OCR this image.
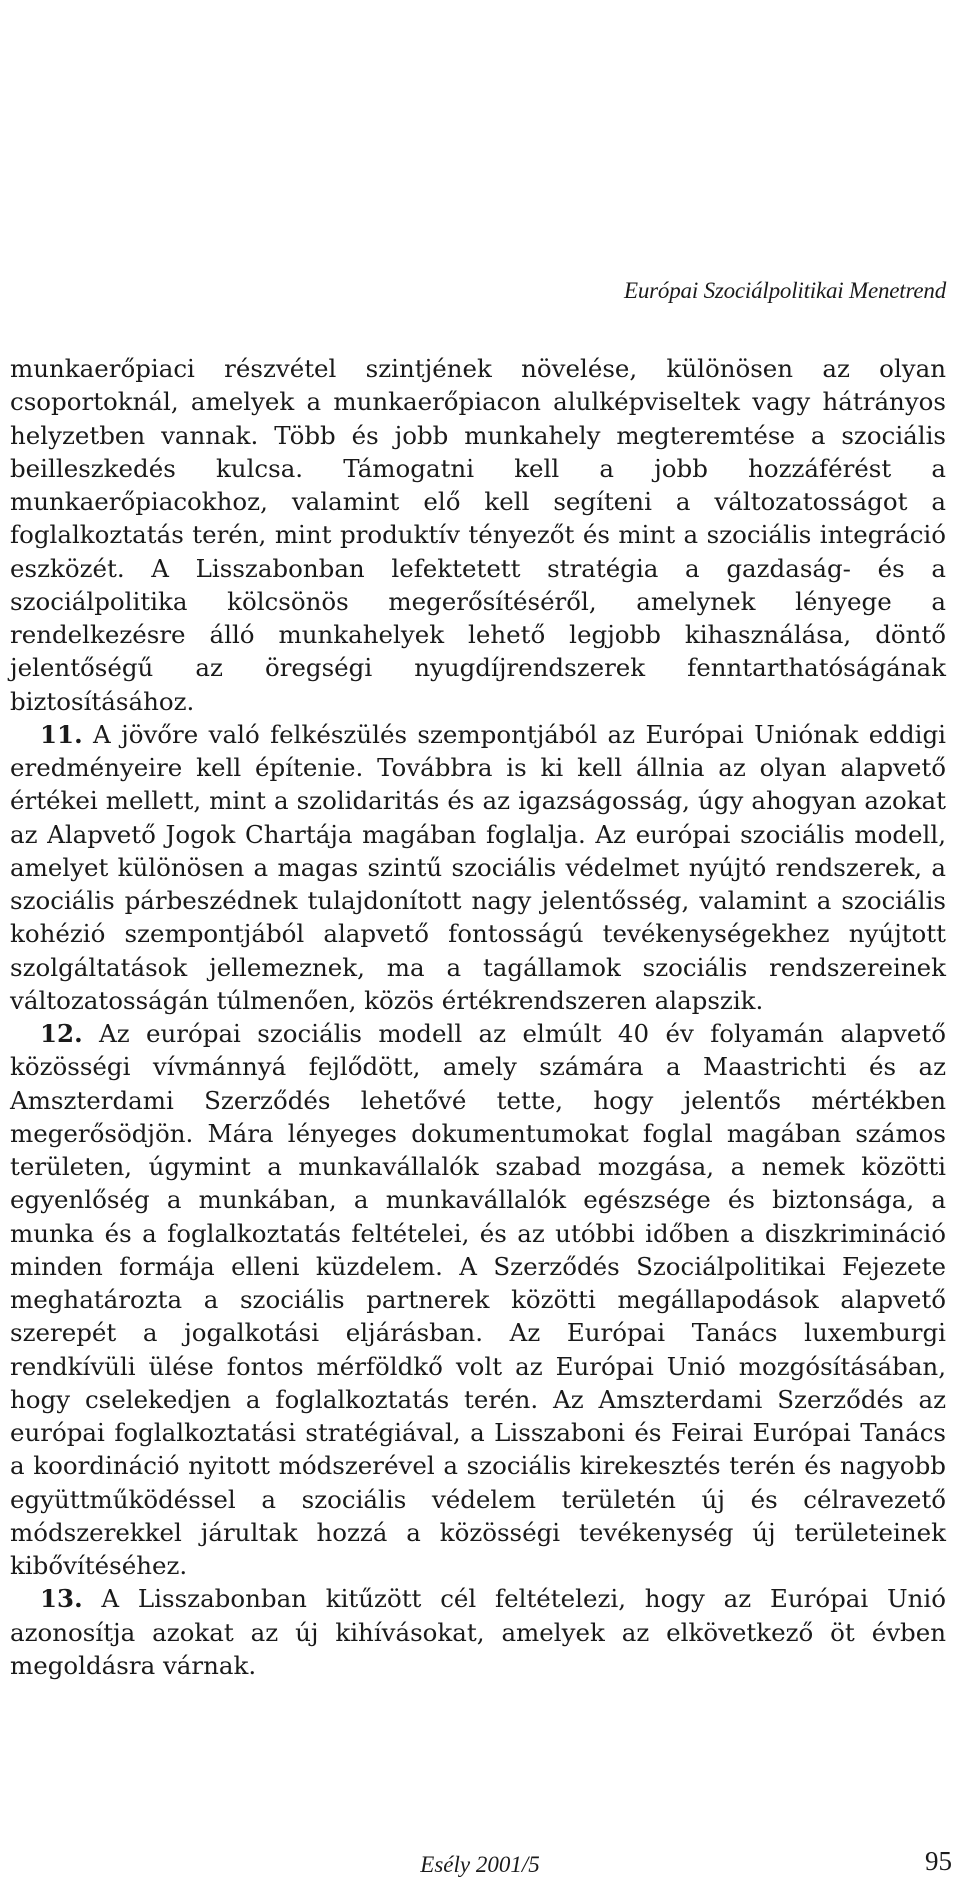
Európai Szociálpolitikai Menetrend

munkaerőpiaci részvétel szintjének növelése, különösen az olyan csoportoknál, amelyek a munkaerőpiacon alulképviseltek vagy hátrányos helyzetben vannak. Több és jobb munkahely megteremtése a szociális beilleszkedés kulcsa. Támogatni kell a jobb hozzáférést a munkaerőpiacokhoz, valamint elő kell segíteni a változatosságot a foglalkoztatás terén, mint produktív tényezőt és mint a szociális integráció eszközét. A Lisszabonban lefektetett stratégia a gazdaság- és a szociálpolitika kölcsönös megerősítéséről, amelynek lényege a rendelkezésre álló munkahelyek lehető legjobb kihasználása, döntő jelentőségű az öregségi nyugdíjrendszerek fenntarthatóságának biztosításához.

11. A jövőre való felkészülés szempontjából az Európai Uniónak eddigi eredményeire kell építenie. Továbbra is ki kell állnia az olyan alapvető értékei mellett, mint a szolidaritás és az igazságosság, úgy ahogyan azokat az Alapvető Jogok Chartája magában foglalja. Az európai szociális modell, amelyet különösen a magas szintű szociális védelmet nyújtó rendszerek, a szociális párbeszédnek tulajdonított nagy jelentősség, valamint a szociális kohézió szempontjából alapvető fontosságú tevékenységekhez nyújtott szolgáltatások jellemeznek, ma a tagállamok szociális rendszereinek változatosságán túlmenően, közös értékrendszeren alapszik.

12. Az európai szociális modell az elmúlt 40 év folyamán alapvető közösségi vívmánnyá fejlődött, amely számára a Maastrichti és az Amszterdami Szerződés lehetővé tette, hogy jelentős mértékben megerősödjön. Mára lényeges dokumentumokat foglal magában számos területen, úgymint a munkavállalók szabad mozgása, a nemek közötti egyenlőség a munkában, a munkavállalók egészsége és biztonsága, a munka és a foglalkoztatás feltételei, és az utóbbi időben a diszkrimináció minden formája elleni küzdelem. A Szerződés Szociálpolitikai Fejezete meghatározta a szociális partnerek közötti megállapodások alapvető szerepét a jogalkotási eljárásban. Az Európai Tanács luxemburgi rendkívüli ülése fontos mérföldkő volt az Európai Unió mozgósításában, hogy cselekedjen a foglalkoztatás terén. Az Amszterdami Szerződés az európai foglalkoztatási stratégiával, a Lisszaboni és Feirai Európai Tanács a koordináció nyitott módszerével a szociális kirekesztés terén és nagyobb együttműködéssel a szociális védelem területén új és célravezető módszerekkel járultak hozzá a közösségi tevékenység új területeinek kibővítéséhez.

13. A Lisszabonban kitűzött cél feltételezi, hogy az Európai Unió azonosítja azokat az új kihívásokat, amelyek az elkövetkező öt évben megoldásra várnak.

Esély 2001/5	95
